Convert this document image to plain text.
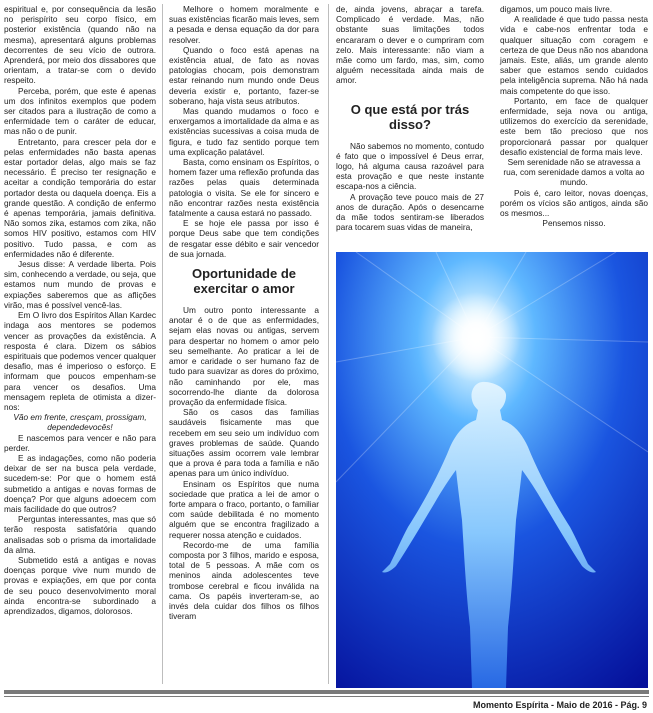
espiritual e, por consequência da lesão no perispírito seu corpo físico, em posterior existência (quando não na mesma), apresentará alguns problemas decorrentes de seu vício de outrora. Aprenderá, por meio dos dissabores que orientam, a tratar-se com o devido respeito.

Perceba, porém, que este é apenas um dos infinitos exemplos que podem ser citados para a ilustração de como a enfermidade tem o caráter de educar, mas não o de punir.

Entretanto, para crescer pela dor e pelas enfermidades não basta apenas estar portador delas, algo mais se faz necessário. É preciso ter resignação e aceitar a condição temporária do estar portador desta ou daquela doença. Eis a grande questão. A condição de enfermo é apenas temporária, jamais definitiva. Não somos zika, estamos com zika, não somos HIV positivo, estamos com HIV positivo. Tudo passa, e com as enfermidades não é diferente.

Jesus disse: A verdade liberta. Pois sim, conhecendo a verdade, ou seja, que estamos num mundo de provas e expiações saberemos que as aflições virão, mas é possível vencê-las.

Em O livro dos Espíritos Allan Kardec indaga aos mentores se podemos vencer as provações da existência. A resposta é clara. Dizem os sábios espirituais que podemos vencer qualquer desafio, mas é imperioso o esforço. E informam que poucos empenham-se para vencer os desafios. Uma mensagem repleta de otimista a dizer-nos:

Vão em frente, cresçam, prossigam, dependedevocês!

E nascemos para vencer e não para perder.

E as indagações, como não poderia deixar de ser na busca pela verdade, sucedem-se: Por que o homem está submetido a antigas e novas formas de doença? Por que alguns adoecem com mais facilidade do que outros?

Perguntas interessantes, mas que só terão resposta satisfatória quando analisadas sob o prisma da imortalidade da alma.

Submetido está a antigas e novas doenças porque vive num mundo de provas e expiações, em que por conta de seu pouco desenvolvimento moral ainda encontra-se subordinado a aprendizados, digamos, dolorosos.

Melhore o homem moralmente e suas existências ficarão mais leves, sem a pesada e densa equação da dor para resolver.

Quando o foco está apenas na existência atual, de fato as novas patologias chocam, pois demonstram estar reinando num mundo onde Deus deveria existir e, portanto, fazer-se soberano, haja vista seus atributos.

Mas quando mudamos o foco e enxergamos a imortalidade da alma e as existências sucessivas a coisa muda de figura, e tudo faz sentido porque tem uma explicação palatável.

Basta, como ensinam os Espíritos, o homem fazer uma reflexão profunda das razões pelas quais determinada patologia o visita. Se ele for sincero e não encontrar razões nesta existência fatalmente a causa estará no passado.

E se hoje ele passa por isso é porque Deus sabe que tem condições de resgatar esse débito e sair vencedor de sua jornada.

Oportunidade de exercitar o amor

Um outro ponto interessante a anotar é o de que as enfermidades, sejam elas novas ou antigas, servem para despertar no homem o amor pelo seu semelhante. Ao praticar a lei de amor e caridade o ser humano faz de tudo para suavizar as dores do próximo, não caminhando por ele, mas socorrendo-lhe diante da dolorosa provação da enfermidade física.

São os casos das famílias saudáveis fisicamente mas que recebem em seu seio um indivíduo com graves problemas de saúde. Quando situações assim ocorrem vale lembrar que a prova é para toda a família e não apenas para um único indivíduo.

Ensinam os Espíritos que numa sociedade que pratica a lei de amor o forte ampara o fraco, portanto, o familiar com saúde debilitada é no momento alguém que se encontra fragilizado a requerer nossa atenção e cuidados.

Recordo-me de uma família composta por 3 filhos, marido e esposa, total de 5 pessoas. A mãe com os meninos ainda adolescentes teve trombose cerebral e ficou inválida na cama. Os papéis inverteram-se, ao invés dela cuidar dos filhos os filhos tiveram

de, ainda jovens, abraçar a tarefa. Complicado é verdade. Mas, não obstante suas limitações todos encararam o dever e o cumpriram com zelo. Mais interessante: não viam a mãe como um fardo, mas, sim, como alguém necessitada ainda mais de amor.

O que está por trás disso?

Não sabemos no momento, contudo é fato que o impossível é Deus errar, logo, há alguma causa razoável para esta provação e que neste instante escapa-nos a ciência.

A provação teve pouco mais de 27 anos de duração. Após o desencarne da mãe todos sentiram-se liberados para tocarem suas vidas de maneira,

digamos, um pouco mais livre.

A realidade é que tudo passa nesta vida e cabe-nos enfrentar toda e qualquer situação com coragem e certeza de que Deus não nos abandona jamais. Este, aliás, um grande alento saber que estamos sendo cuidados pela inteligência suprema. Não há nada mais competente do que isso.

Portanto, em face de qualquer enfermidade, seja nova ou antiga, utilizemos do exercício da serenidade, este bem tão precioso que nos proporcionará passar por qualquer desafio existencial de forma mais leve.

Sem serenidade não se atravessa a rua, com serenidade damos a volta ao mundo.

Pois é, caro leitor, novas doenças, porém os vícios são antigos, ainda são os mesmos...

Pensemos nisso.

Momento Espírita - Maio de 2016 - Pág. 9
